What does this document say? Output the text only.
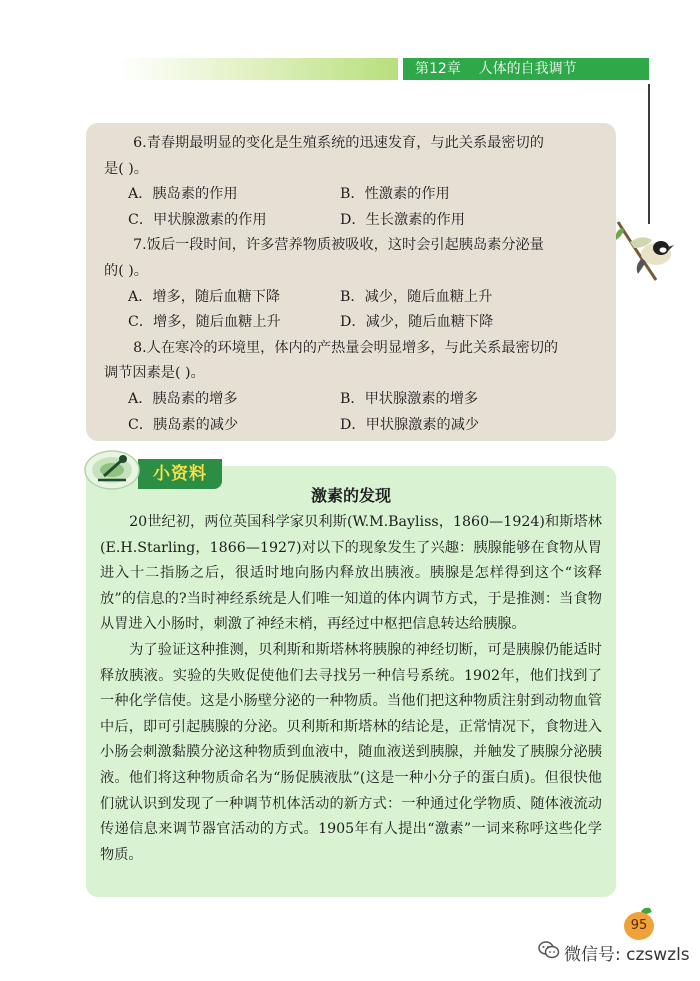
第12章    人体的自我调节
6.青春期最明显的变化是生殖系统的迅速发育，与此关系最密切的
是( )。
A．胰岛素的作用	B．性激素的作用
C．甲状腺激素的作用	D．生长激素的作用
7.饭后一段时间，许多营养物质被吸收，这时会引起胰岛素分泌量
的( )。
A．增多，随后血糖下降	B．减少，随后血糖上升
C．增多，随后血糖上升	D．减少，随后血糖下降
8.人在寒冷的环境里，体内的产热量会明显增多，与此关系最密切的
调节因素是( )。
A．胰岛素的增多	B．甲状腺激素的增多
C．胰岛素的减少	D．甲状腺激素的减少
激素的发现

20世纪初，两位英国科学家贝利斯(W.M.Bayliss，1860—1924)和斯塔林(E.H.Starling，1866—1927)对以下的现象发生了兴趣：胰腺能够在食物从胃进入十二指肠之后，很适时地向肠内释放出胰液。胰腺是怎样得到这个“该释放”的信息的?当时神经系统是人们唯一知道的体内调节方式，于是推测：当食物从胃进入小肠时，刺激了神经末梢，再经过中枢把信息转达给胰腺。

为了验证这种推测，贝利斯和斯塔林将胰腺的神经切断，可是胰腺仍能适时释放胰液。实验的失败促使他们去寻找另一种信号系统。1902年，他们找到了一种化学信使。这是小肠壁分泌的一种物质。当他们把这种物质注射到动物血管中后，即可引起胰腺的分泌。贝利斯和斯塔林的结论是，正常情况下，食物进入小肠会刺激黏膜分泌这种物质到血液中，随血液送到胰腺，并触发了胰腺分泌胰液。他们将这种物质命名为“肠促胰液肽”(这是一种小分子的蛋白质)。但很快他们就认识到发现了一种调节机体活动的新方式：一种通过化学物质、随体液流动传递信息来调节器官活动的方式。1905年有人提出“激素”一词来称呼这些化学物质。

小资料
95
微信号: czswzls
